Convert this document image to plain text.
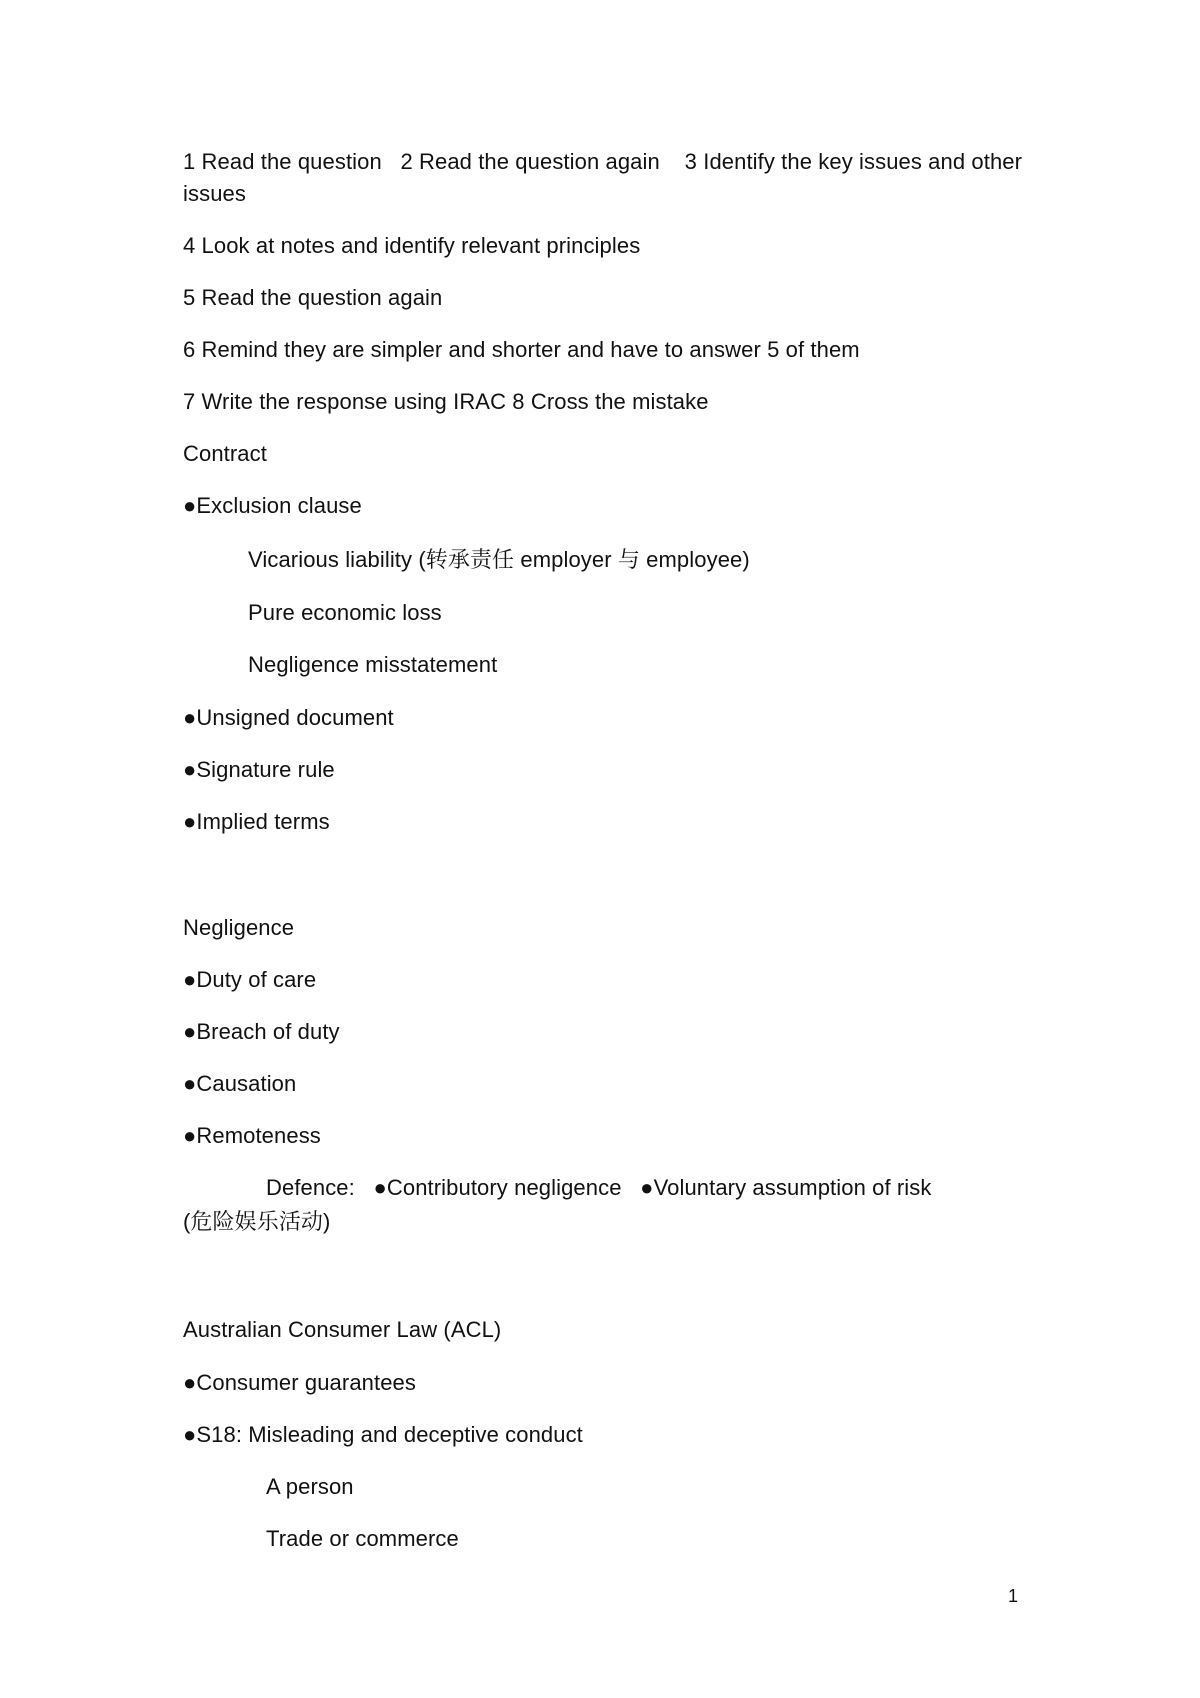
1 Read the question   2 Read the question again    3 Identify the key issues and other issues
4 Look at notes and identify relevant principles
5 Read the question again
6 Remind they are simpler and shorter and have to answer 5 of them
7 Write the response using IRAC 8 Cross the mistake
Contract
●Exclusion clause
Vicarious liability (转承责任 employer 与 employee)
Pure economic loss
Negligence misstatement
●Unsigned document
●Signature rule
●Implied terms
Negligence
●Duty of care
●Breach of duty
●Causation
●Remoteness
Defence:   ●Contributory negligence   ●Voluntary assumption of risk
(危险娱乐活动)
Australian Consumer Law (ACL)
●Consumer guarantees
●S18: Misleading and deceptive conduct
A person
Trade or commerce
1
